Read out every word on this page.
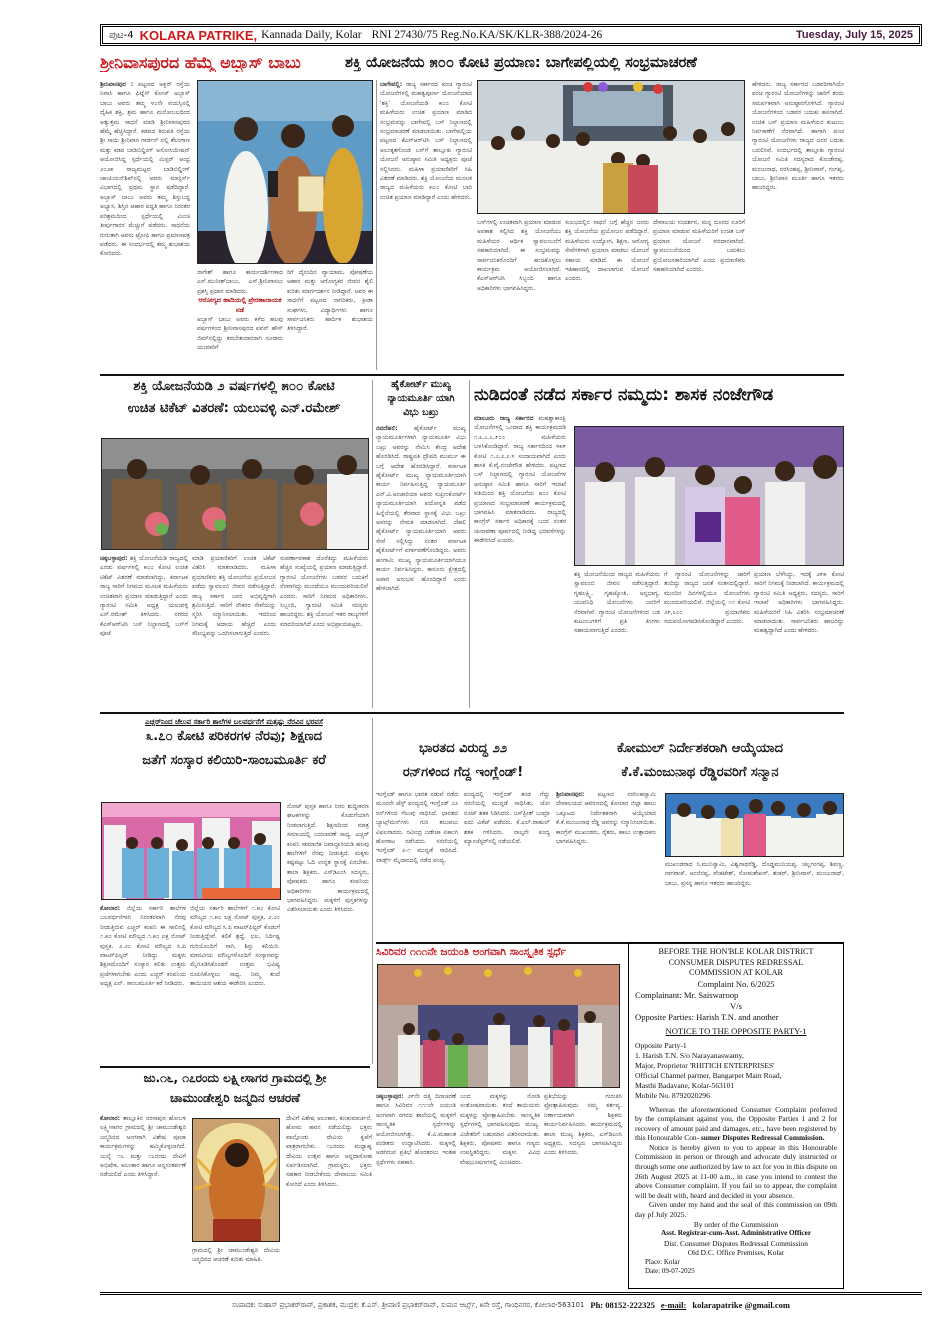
ಪುಟ-4 KOLARA PATRIKE, Kannada Daily, Kolar RNI 27430/75 Reg.No.KA/SK/KLR-388/2024-26	Tuesday, July 15, 2025
ಶ್ರೀನಿವಾಸಪುರದ ಹೆಮ್ಮೆ ಅಬ್ಬಾಸ್ ಬಾಬು	ಶಕ್ತಿ ಯೋಜನೆಯ ೫೦೦ ಕೋಟಿ ಪ್ರಯಾಣ: ಬಾಗೇಪಲ್ಲಿಯಲ್ಲಿ ಸಂಭ್ರಮಾಚರಣೆ
ಶ್ರೀನಿವಾಸಪುರ : ಪಟ್ಟಣದ ಅಕ್ಬರ್ ರಸ್ತೆಯ ನಿವಾಸಿ ಹಾಗೂ ಫಿಟ್ನೆಸ್ ಕೋಚ್ ಅಬ್ಬಾಸ್ ಬಾಬು ಅವರು ತಮ್ಮ ೪೦ನೇ ವಯಸ್ಸಿನಲ್ಲಿ ದೈಹಿಕ ಶಕ್ತಿ, ಶ್ರಮ ಹಾಗೂ ಮನೋಬಲದಿಂದ ಅತ್ಯುತ್ತಮ ಸಾಧನೆ ಮಾಡಿ ಶ್ರೀನಿವಾಸಪುರದ ಹೆಮ್ಮೆ ಹೆಚ್ಚಿಸಿದ್ದಾರೆ. ಕಡಪದ ತಿರುಪತಿ ರಸ್ತೆಯ ಶ್ರೀ ಸಾಯಿ ಶ್ರೀನಿವಾಸ ಗಾರ್ಡನ್ ನಲ್ಲಿ ತೆಲಂಗಾಣ ಮತ್ತು ಕಡಪ ಬಾಡಿಬಿಲ್ಡಿಂಗ್ ಅಸೋಸಿಯೇಷನ್ ಆಯೋಜಿಸಿದ್ದ ಸ್ಪರ್ಧೆಯಲ್ಲಿ ಮಿಸ್ಟರ್ ಆಂಧ್ರ ೨೦೨೫ ರಾಜ್ಯಮಟ್ಟದ ಬಾಡಿಬಿಲ್ಡಿಂಗ್ ಚಾಂಪಿಯನ್‌ಶಿಪ್‌ನಲ್ಲಿ ಅವರು ಮಾಸ್ಟರ್ಸ್ ವಿಭಾಗದಲ್ಲಿ ಪ್ರಥಮ ಸ್ಥಾನ ಪಡೆದಿದ್ದಾರೆ. ಅಬ್ಬಾಸ್ ಬಾಬು ಅವರು ತಮ್ಮ ಶಿಸ್ತುಬದ್ಧ ಅಭ್ಯಾಸ, ಶಿಸ್ತಿನ ಆಹಾರ ಪದ್ಧತಿ ಹಾಗೂ ನಿರಂತರ ಪರಿಶ್ರಮದಿಂದ ಸ್ಪರ್ಧೆಯಲ್ಲಿ ಮಿಂಚಿ ತೀರ್ಪುಗಾರರ ಮೆಚ್ಚುಗೆ ಪಡೆದರು. ಸಾಧನೆಯ ಗುರುತಾಗಿ ಅವರು ಟ್ರೋಫಿ ಹಾಗೂ ಪ್ರಮಾಣಪತ್ರ ಪಡೆದರು. ಈ ಸಂದರ್ಭದಲ್ಲಿ ತಮ್ಮ ಶುಭಾಶಯ ಕೋರಿದರು.
ನಾಗೇಶ್ ಹಾಗೂ ಕಾರ್ಯದರ್ಶಿಗಳಾದ ಎಸ್.ಮುನೀಶ್‌ಬಾಬು, ಎಸ್.ಶ್ರೀನಿವಾಸಲು ಪ್ರಶಸ್ತಿ ಪ್ರದಾನ ಮಾಡಿದರು.
ಆರೋಗ್ಯದ ಹಾದಿಯಲ್ಲಿ ಪ್ರೇರಣಾದಾಯಕ ನಡೆ
ಅಬ್ಬಾಸ್ ಬಾಬು ಅವರು ಕಳೆದ ಹಲವು ವರ್ಷಗಳಿಂದ ಶ್ರೀನಿವಾಸಪುರದ ಪವನ್ ಹೌಸ್ ಜಿಮ್‌ನಲ್ಲಿದ್ದು ತರಬೇತುದಾರರಾಗಿ ನೂರಾರು ಯುವಕರಿಗೆ
ರಿಗೆ ದೈನಂದಿನ ವ್ಯಾಯಾಮ, ಪೋಷಣೆಯ ಆಹಾರ ಮತ್ತು ಆರೋಗ್ಯಕರ ಜೀವನ ಶೈಲಿ ಕುರಿತು ಮಾರ್ಗದರ್ಶನ ನೀಡಿದ್ದಾರೆ. ಅವರ ಈ ಸಾಧನೆಗೆ ಪಟ್ಟಣದ ನಾಗರಿಕರು, ಕ್ರೀಡಾ ಸಂಘಗಳು, ವಿದ್ಯಾರ್ಥಿಗಳು ಹಾಗೂ ಸಾರ್ವಜನಿಕರು ಹಾರ್ದಿಕ ಶುಭಾಶಯ ತಿಳಿಸಿದ್ದಾರೆ.
ಬಾಗೇಪಲ್ಲಿ: ರಾಜ್ಯ ಸರ್ಕಾರದ ಪಂಚ ಗ್ಯಾರಂಟಿ ಯೋಜನೆಗಳಲ್ಲಿ ಮಹತ್ವಪೂರ್ಣ ಯೋಜನೆಯಾದ 'ಶಕ್ತಿ' ಯೋಜನೆಯಡಿ ೫೦೦ ಕೋಟಿ ಮಹಿಳೆಯರು ಉಚಿತ ಪ್ರಯಾಣ ಮಾಡಿದ ಸಂಭ್ರಮವನ್ನು ಬಾಗೇಪಲ್ಲಿ ಬಸ್ ನಿಲ್ದಾಣದಲ್ಲಿ ಸಂಭ್ರಮಾಚರಣೆ ಮಾಡಲಾಯಿತು. ಬಾಗೇಪಲ್ಲಿಯ ಪಟ್ಟಣದ ಕೆಎಸ್‌ಆರ್‌ಟಿಸಿ ಬಸ್ ನಿಲ್ದಾಣದಲ್ಲಿ ಅಲಂಕೃತಗೊಂಡ ಬಸ್‌ಗೆ ತಾಲ್ಲೂಕು ಗ್ಯಾರಂಟಿ ಯೋಜನೆ ಅನುಷ್ಠಾನ ಸಮಿತಿ ಅಧ್ಯಕ್ಷರು ಪೂಜೆ ಸಲ್ಲಿಸಿದರು. ಮಹಿಳಾ ಪ್ರಯಾಣಿಕರಿಗೆ ಸಿಹಿ ವಿತರಣೆ ಮಾಡಿದರು. ಶಕ್ತಿ ಯೋಜನೆಯ ಮೂಲಕ ರಾಜ್ಯದ ಮಹಿಳೆಯರು ೫೦೦ ಕೋಟಿ ಬಾರಿ ಉಚಿತ ಪ್ರಯಾಣ ಮಾಡಿದ್ದಾರೆ ಎಂದು ಹೇಳಿದರು.
ಬಸ್‌ಗಳಲ್ಲಿ ಉಚಿತವಾಗಿ ಪ್ರಯಾಣ ಮಾಡುವ ಅವಕಾಶ ಕಲ್ಪಿಸಿದ ಶಕ್ತಿ ಯೋಜನೆಯು ಮಹಿಳೆಯರ ಆರ್ಥಿಕ ಸ್ವಾವಲಂಬನೆಗೆ ಸಹಕಾರಿಯಾಗಿದೆ. ಈ ಸಂಭ್ರಮವನ್ನು ಸಾರ್ವಜನಿಕರೊಂದಿಗೆ ಹಂಚಿಕೊಳ್ಳಲು ಕಾರ್ಯಕ್ರಮ ಆಯೋಜಿಸಲಾಗಿದೆ. ಕೆಎಸ್‌ಆರ್‌ಟಿಸಿ ಸಿಬ್ಬಂದಿ ಹಾಗೂ ಅಧಿಕಾರಿಗಳು ಭಾಗವಹಿಸಿದ್ದರು.
ಸುಲಭದಲ್ಲಿನ ಸಾಧನೆ ಬಗ್ಗೆ ಹೆಚ್ಚಿನ ಜನರು ಶಕ್ತಿ ಯೋಜನೆಯ ಪ್ರಯೋಜನ ಪಡೆದಿದ್ದಾರೆ. ಮಹಿಳೆಯರು ಉದ್ಯೋಗ, ಶಿಕ್ಷಣ, ಆರೋಗ್ಯ ಸೇವೆಗಳಿಗಾಗಿ ಪ್ರಯಾಣ ಮಾಡಲು ಯೋಜನೆ ಸಹಾಯ ಮಾಡಿದೆ. ಈ ಯೋಜನೆ ಇತಿಹಾಸದಲ್ಲಿ ದಾಖಲಾಗುವ ಯೋಜನೆ ಎಂದರು.
ದೇವಾಲಯ ಸಂದರ್ಶನ, ಮನ್ನ ದೂರದ ಊರಿಗೆ ಪ್ರಯಾಣ ಮಾಡುವ ಮಹಿಳೆಯರಿಗೆ ಉಚಿತ ಬಸ್ ಪ್ರಯಾಣ ಯೋಜನೆ ವರದಾನವಾಗಿದೆ. ಸ್ವಾವಲಂಬನೆಯಿಂದ ಬದುಕಲು ಪ್ರಯೋಜನಕಾರಿಯಾಗಿದೆ ಎಂದು ಪ್ರಯಾಣಿಕರು ಸಹಕಾರಿಯಾಗಿದೆ ಎಂದರು.
ಹೇಳಿದರು. ರಾಜ್ಯ ಸರ್ಕಾರದ ಬಡವರಿಗಾಗಿಯೇ ಪಂಚ ಗ್ಯಾರಂಟಿ ಯೋಜನೆಗಳನ್ನು ಜಾರಿಗೆ ತಂದು ಸಮರ್ಪಕವಾಗಿ ಅನುಷ್ಠಾನಗೊಳಿಸಿದೆ. ಗ್ಯಾರಂಟಿ ಯೋಜನೆಗಳಿಂದ ಬಡವರ ಬದುಕು ಹಸನಾಗಿದೆ. ಉಚಿತ ಬಸ್ ಪ್ರಯಾಣ ಮಹಿಳೆಯರ ಕುಟುಂಬ ನಿರ್ವಹಣೆಗೆ ನೆರವಾಗಿದೆ. ಹಾಗಾಗಿ ಪಂಚ ಗ್ಯಾರಂಟಿ ಯೋಜನೆಗಳು ರಾಜ್ಯದ ಜನರ ಬದುಕು ಬದಲಿಸಿವೆ. ಸಂದರ್ಭದಲ್ಲಿ ತಾಲ್ಲೂಕು ಗ್ಯಾರಂಟಿ ಯೋಜನೆ ಸಮಿತಿ ಸದಸ್ಯರಾದ ಕೊಂಡೇರಪ್ಪ, ಮಂಜುನಾಥ, ನರಸಿಂಹಪ್ಪ, ಶ್ರೀನಿವಾಸ್, ಗಂಗಪ್ಪ, ಬಾಬು, ಶ್ರೀನಿವಾಸ ಮೂರ್ತಿ ಹಾಗೂ ಇತರರು ಹಾಜರಿದ್ದರು.
ಶಕ್ತಿ ಯೋಜನೆಯಡಿ ೨ ವರ್ಷಗಳಲ್ಲಿ ೫೦೦ ಕೋಟಿ
ಉಚಿತ ಟಿಕೆಟ್ ವಿತರಣೆ: ಯಲುವಳ್ಳಿ ಎನ್.ರಮೇಶ್
ಚಿಕ್ಕಬಳ್ಳಾಪುರ: ಶಕ್ತಿ ಯೋಜನೆಯಡಿ ರಾಜ್ಯದಲ್ಲಿ ಎರಡು ವರ್ಷಗಳಲ್ಲಿ ೫೦೦ ಕೋಟಿ ಉಚಿತ ಟಿಕೆಟ್ ವಿತರಣೆ ಮಾಡಲಾಗಿದ್ದು, ಕರ್ನಾಟಕ ರಾಜ್ಯ ಸಾರಿಗೆ ನಿಗಮದ ಮೂಲಕ ಮಹಿಳೆಯರು ಉಚಿತವಾಗಿ ಪ್ರಯಾಣ ಮಾಡುತ್ತಿದ್ದಾರೆ ಎಂದು ಗ್ಯಾರಂಟಿ ಸಮಿತಿ ಅಧ್ಯಕ್ಷ ಯಲುವಳ್ಳಿ ಎನ್.ರಮೇಶ್ ತಿಳಿಸಿದರು. ನಗರದ ಕೆಎಸ್‌ಆರ್‌ಟಿಸಿ ಬಸ್ ನಿಲ್ದಾಣದಲ್ಲಿ ಬಸ್‌ಗೆ ಪೂಜೆ
ಮಾಡಿ ಪ್ರಯಾಣಿಕರಿಗೆ ಉಚಿತ ಟಿಕೆಟ್ ವಿತರಿಸಿ ಮಾತನಾಡಿದರು. ಮಹಿಳಾ ಪ್ರಯಾಣಿಕರು ಶಕ್ತಿ ಯೋಜನೆಯ ಪ್ರಯೋಜನ ಪಡೆದು ಸ್ವಾವಲಂಬಿ ಜೀವನ ನಡೆಸುತ್ತಿದ್ದಾರೆ. ರಾಜ್ಯ ಸರ್ಕಾರ ಜನರ ಅಭಿವೃದ್ಧಿಗಾಗಿ ಶ್ರಮಿಸುತ್ತಿದೆ. ಸಾರಿಗೆ ನೌಕರರ ಸೇವೆಯನ್ನು ಸ್ಮರಿಸಿ ಸನ್ಮಾನಿಸಲಾಯಿತು. ಇದರಿಂದ ನಿಗಮಕ್ಕೆ ಆದಾಯ ಹೆಚ್ಚಿದೆ ಎಂದು ಸೌಲಭ್ಯವನ್ನು ಒದಗಿಸಲಾಗುತ್ತಿದೆ ಎಂದರು.
ಸುವರ್ಣಾವಕಾಶ ದೊರೆತಿದ್ದು ಮಹಿಳೆಯರು ಹೆಚ್ಚಿನ ಸಂಖ್ಯೆಯಲ್ಲಿ ಪ್ರಯಾಣ ಮಾಡುತ್ತಿದ್ದಾರೆ. ಗ್ಯಾರಂಟಿ ಯೋಜನೆಗಳು ಬಡವರ ಬದುಕಿಗೆ ನೆರವಾಗಿದ್ದು ಮುಂದೆಯೂ ಮುಂದುವರಿಯಲಿವೆ ಎಂದರು. ಸಾರಿಗೆ ನಿಗಮದ ಅಧಿಕಾರಿಗಳು, ಸಿಬ್ಬಂದಿ, ಗ್ಯಾರಂಟಿ ಸಮಿತಿ ಸದಸ್ಯರು ಹಾಜರಿದ್ದರು. ಶಕ್ತಿ ಯೋಜನೆ ಇತರ ರಾಜ್ಯಗಳಿಗೆ ಮಾದರಿಯಾಗಿದೆ ಎಂದು ಅಭಿಪ್ರಾಯಪಟ್ಟರು.
ಹೈಕೋರ್ಟ್ ಮುಖ್ಯ
ನ್ಯಾಯಮೂರ್ತಿ ಯಾಗಿ
ವಿಭು ಬಖ್ರು
ನವದೆಹಲಿ: ಹೈಕೋರ್ಟ್ ಮುಖ್ಯ ನ್ಯಾಯಮೂರ್ತಿಗಳಾಗಿ ನ್ಯಾಯಮೂರ್ತಿ ವಿಭು ಬಖ್ರು ಅವರನ್ನು ನೇಮಿಸಿ ಕೇಂದ್ರ ಆದೇಶ ಹೊರಡಿಸಿದೆ. ರಾಷ್ಟ್ರಪತಿ ದ್ರೌಪದಿ ಮುರ್ಮು ಈ ಬಗ್ಗೆ ಆದೇಶ ಹೊರಡಿಸಿದ್ದಾರೆ. ಕರ್ನಾಟಕ ಹೈಕೋರ್ಟ್ ಮುಖ್ಯ ನ್ಯಾಯಮೂರ್ತಿಯಾಗಿ ಕಾರ್ಯ ನಿರ್ವಹಿಸುತ್ತಿದ್ದ ನ್ಯಾಯಮೂರ್ತಿ ಎನ್.ವಿ.ಅಂಜಾರಿಯಾ ಅವರು ಸುಪ್ರೀಂಕೋರ್ಟ್ ನ್ಯಾಯಮೂರ್ತಿಯಾಗಿ ಪದೋನ್ನತಿ ಪಡೆದ ಹಿನ್ನೆಲೆಯಲ್ಲಿ ತೆರವಾದ ಸ್ಥಾನಕ್ಕೆ ವಿಭು ಬಖ್ರು ಅವರನ್ನು ನೇಮಕ ಮಾಡಲಾಗಿದೆ. ದೆಹಲಿ ಹೈಕೋರ್ಟ್ ನ್ಯಾಯಮೂರ್ತಿಯಾಗಿ ಅವರು ಸೇವೆ ಸಲ್ಲಿಸಿದ್ದು ನಂತರ ಕರ್ನಾಟಕ ಹೈಕೋರ್ಟ್‌ಗೆ ವರ್ಗಾವಣೆಗೊಂಡಿದ್ದರು. ಅವರು ಹಂಗಾಮಿ ಮುಖ್ಯ ನ್ಯಾಯಮೂರ್ತಿಯಾಗಿಯೂ ಕಾರ್ಯ ನಿರ್ವಹಿಸಿದ್ದರು. ಕಾನೂನು ಕ್ಷೇತ್ರದಲ್ಲಿ ಅಪಾರ ಅನುಭವ ಹೊಂದಿದ್ದಾರೆ ಎಂದು ಹೇಳಲಾಗಿದೆ.
ನುಡಿದಂತೆ ನಡೆದ ಸರ್ಕಾರ ನಮ್ಮದು: ಶಾಸಕ ನಂಜೇಗೌಡ
ಮಾಲೂರು ರಾಜ್ಯ ಸರ್ಕಾರದ ಮಹತ್ವಾಕಾಂಕ್ಷಿ ಯೋಜನೆಗಳಲ್ಲಿ ಒಂದಾದ ಶಕ್ತಿ ಕಾರ್ಯಕ್ರಮದಡಿ ೧.೩.೭.೬,೯೦೦ ಮಹಿಳೆಯರು ಬಳಸಿಕೊಂಡಿದ್ದಾರೆ. ರಾಜ್ಯ ಸರ್ಕಾರದಿಂದ ೪೫೯ ಕೋಟಿ ೧.೨.೨.೨.೪ ಸಂದಾಯವಾಗಿದೆ ಎಂದು ಶಾಸಕ ಕೆ.ವೈ.ನಂಜೇಗೌಡ ಹೇಳಿದರು. ಪಟ್ಟಣದ ಬಸ್ ನಿಲ್ದಾಣದಲ್ಲಿ ಗ್ಯಾರಂಟಿ ಯೋಜನೆಗಳ ಅನುಷ್ಠಾನ ಸಮಿತಿ ಹಾಗೂ ಸಾರಿಗೆ ಇಲಾಖೆ ವತಿಯಿಂದ ಶಕ್ತಿ ಯೋಜನೆಯ ೫೦೦ ಕೋಟಿ ಪ್ರಯಾಣದ ಸಂಭ್ರಮಾಚರಣೆ ಕಾರ್ಯಕ್ರಮದಲ್ಲಿ ಭಾಗವಹಿಸಿ ಮಾತನಾಡಿದರು. ರಾಜ್ಯದಲ್ಲಿ ಕಾಂಗ್ರೆಸ್ ಸರ್ಕಾರ ಅಧಿಕಾರಕ್ಕೆ ಬಂದ ನಂತರ ಚುನಾವಣಾ ಪೂರ್ವದಲ್ಲಿ ನೀಡಿದ್ದ ಭರವಸೆಗಳನ್ನು ಈಡೇರಿಸಿದೆ ಎಂದರು.
ಶಕ್ತಿ ಯೋಜನೆಯಿಂದ ರಾಜ್ಯದ ಮಹಿಳೆಯರು ಸ್ವಾವಲಂಬಿ ಜೀವನ ನಡೆಸುತ್ತಿದ್ದಾರೆ. ಗೃಹಲಕ್ಷ್ಮಿ, ಗೃಹಜ್ಯೋತಿ, ಅನ್ನಭಾಗ್ಯ, ಯುವನಿಧಿ ಯೋಜನೆಗಳು ಜನರಿಗೆ ನೆರವಾಗಿವೆ. ಗ್ಯಾರಂಟಿ ಯೋಜನೆಗಳಿಂದ ಬಡ ಕುಟುಂಬಗಳಿಗೆ ಪ್ರತಿ ತಿಂಗಳು ಸಹಾಯವಾಗುತ್ತಿದೆ ಎಂದರು.
ಗೆ ಗ್ಯಾರಂಟಿ ಯೋಜನೆಗಳನ್ನು ಜಾರಿಗೆ ತಂದಿದ್ದು ರಾಜ್ಯದ ಜನತೆ ಸಂತಸದಲ್ಲಿದ್ದಾರೆ. ಮುಂದಿನ ದಿನಗಳಲ್ಲಿಯೂ ಯೋಜನೆಗಳು ಮುಂದುವರಿಯಲಿವೆ. ಜಿಲ್ಲೆಯಲ್ಲಿ ೧೧ ಕೋಟಿ ೨೯,೬೦೦ ಪ್ರಯಾಣಿಕರು ಸದುಪಯೋಗಪಡಿಸಿಕೊಂಡಿದ್ದಾರೆ ಎಂದರು.
ಪ್ರಯಾಣ ಬೆಳೆಸಿದ್ದು, ಇದಕ್ಕೆ ೨೯೫ ಕೋಟಿ ಸಾರಿಗೆ ನಿಗಮಕ್ಕೆ ನೀಡಲಾಗಿದೆ. ಕಾರ್ಯಕ್ರಮದಲ್ಲಿ ಗ್ಯಾರಂಟಿ ಸಮಿತಿ ಅಧ್ಯಕ್ಷರು, ಸದಸ್ಯರು, ಸಾರಿಗೆ ಇಲಾಖೆ ಅಧಿಕಾರಿಗಳು ಭಾಗವಹಿಸಿದ್ದರು. ಮಹಿಳೆಯರಿಗೆ ಸಿಹಿ ವಿತರಿಸಿ ಸಂಭ್ರಮಾಚರಣೆ ಮಾಡಲಾಯಿತು. ಸಾರ್ವಜನಿಕರು ಹಾಜರಿದ್ದು ಮಹತ್ವದ್ದಾಗಿದೆ ಎಂದು ಹೇಳಿದರು.
ಎಚ್ಚರ್‌ನಿಂದ ಚೆಲುವ ಸರ್ಕಾರಿ ಶಾಲೆಗಳ ಬಲವರ್ಧನೆಗೆ ಮತ್ತಷ್ಟು ನೆರವಿನ ಭರವಸೆ
೩.೭೦ ಕೋಟಿ ಪರಿಕರಗಳ ನೆರವು; ಶಿಕ್ಷಣದ
ಜತೆಗೆ ಸಂಸ್ಕಾರ ಕಲಿಯಿರಿ-ಸಾಂಬಮೂರ್ತಿ ಕರೆ
ಕೋಲಾರ: ಜಿಲ್ಲೆಯ ಸರ್ಕಾರಿ ಶಾಲೆಗಳ ಬಲವರ್ಧನೆಗಾಗಿ ನಿರಂತರವಾಗಿ ನೆರವು ನೀಡುತ್ತಿರುವ ಎಚ್ಚರ್ ಕಂಪನಿ ಈ ಸಾಲಿನಲ್ಲಿ ೧.೫೦ ಕೋಟಿ ಮೌಲ್ಯದ ೧.೫೦ ಲಕ್ಷ ನೋಟ್ ಪುಸ್ತಕ, ೨.೨೦ ಕೋಟಿ ಮೌಲ್ಯದ ಸಿ.ಪಿ ವಾಟರ್‌ಫಿಲ್ಟರ್ ನೀಡಿದ್ದು ಮಕ್ಕಳು ಶಿಕ್ಷಣದೊಂದಿಗೆ ಸಂಸ್ಕಾರ ಕಲಿತು ಉತ್ತಮ ಪ್ರಜೆಗಳಾಗಬೇಕು ಎಂದು ಎಚ್ಚರ್ ಕಂಪನಿಯ ಅಧ್ಯಕ್ಷ ಎನ್. ಸಾಂಬಮೂರ್ತಿ ಕರೆ ನೀಡಿದರು.
ಜಿಲ್ಲೆಯ ಸರ್ಕಾರಿ ಶಾಲೆಗಳಿಗೆ ೧.೫೦ ಕೋಟಿ ಮೌಲ್ಯದ ೧.೫೦ ಲಕ್ಷ ನೋಟ್ ಪುಸ್ತಕ, ೨.೨೦ ಕೋಟಿ ಮೌಲ್ಯದ ಸಿ.ಪಿ ವಾಟರ್‌ಫಿಲ್ಟರ್ ಕೊಡುಗೆ ನೀಡುತ್ತಿದ್ದೇವೆ. ಕಲಿಕೆ ಶ್ರದ್ಧೆ, ಛಲ, ನಿರ್ದಿಷ್ಟ ಗುರಿಯೊಂದಿಗೆ ಸಾಗಿ, ಶಿಸ್ತು ಕಲಿಯಿರಿ. ಮಾನವೀಯ ಮೌಲ್ಯಗಳೊಂದಿಗೆ ಸಂಸ್ಕಾರವನ್ನು ಮೈಗೂಡಿಸಿಕೊಂಡರೆ ಉತ್ತಮ ಭವಿಷ್ಯ ರೂಪಿಸಿಕೊಳ್ಳಲು ಸಾಧ್ಯ. ನಿಮ್ಮ ತಂದೆ ತಾಯಿಯರ ಆಶಯ ಈಡೇರಿಸಿ ಎಂದರು.
ನೋಟ್ ಪುಸ್ತಕ ಹಾಗೂ ನೀರು ಶುದ್ಧೀಕರಣ ಘಟಕಗಳನ್ನು ಕೊಡುಗೆಯಾಗಿ ನೀಡಲಾಗುತ್ತಿದೆ. ಶಿಕ್ಷಣದಿಂದ ಮಾತ್ರ ಸಮಾಜದಲ್ಲಿ ಬದಲಾವಣೆ ಸಾಧ್ಯ. ಎಚ್ಚರ್ ಕಂಪನಿ ಸಾಮಾಜಿಕ ಜವಾಬ್ದಾರಿಯಡಿ ಹಲವು ಶಾಲೆಗಳಿಗೆ ನೆರವು ನೀಡುತ್ತಿದೆ. ಮಕ್ಕಳು ಕಷ್ಟಪಟ್ಟು ಓದಿ ಉನ್ನತ ಸ್ಥಾನಕ್ಕೆ ಏರಬೇಕು. ಶಾಲಾ ಶಿಕ್ಷಕರು, ಎಸ್‌ಡಿಎಂಸಿ ಸದಸ್ಯರು, ಪೋಷಕರು ಹಾಗೂ ಕಂಪನಿಯ ಅಧಿಕಾರಿಗಳು ಕಾರ್ಯಕ್ರಮದಲ್ಲಿ ಭಾಗವಹಿಸಿದ್ದರು. ಮಕ್ಕಳಿಗೆ ಪುಸ್ತಕಗಳನ್ನು ವಿತರಿಸಲಾಯಿತು ಎಂದು ತಿಳಿಸಿದರು.
ಭಾರತದ ವಿರುದ್ಧ ೨೨
ರನ್‌ಗಳಿಂದ ಗೆದ್ದ ಇಂಗ್ಲೆಂಡ್!
ಇಂಗ್ಲೆಂಡ್ ಹಾಗೂ ಭಾರತ ನಡುವೆ ನಡೆದ ಮೂರನೇ ಟೆಸ್ಟ್ ಪಂದ್ಯದಲ್ಲಿ ಇಂಗ್ಲೆಂಡ್ ೨೨ ರನ್‌ಗಳಿಂದ ಗೆಲುವು ಸಾಧಿಸಿದೆ. ಭಾರತದ ಬ್ಯಾಟ್ಸ್‌ಮನ್‌ಗಳು ಗುರಿ ತಲುಪಲು ವಿಫಲರಾದರು. ರವೀಂದ್ರ ಜಡೇಜಾ ಏಕಾಂಗಿ ಹೋರಾಟ ನಡೆಸಿದರು. ಸರಣಿಯಲ್ಲಿ ಇಂಗ್ಲೆಂಡ್ ೨-೧ ಮುನ್ನಡೆ ಸಾಧಿಸಿದೆ. ಲಾರ್ಡ್ಸ್ ಮೈದಾನದಲ್ಲಿ ನಡೆದ ಪಂದ್ಯ.
ಪಂದ್ಯದಲ್ಲಿ ಇಂಗ್ಲೆಂಡ್ ತಂಡ ಗೆದ್ದು ಸರಣಿಯಲ್ಲಿ ಮುನ್ನಡೆ ಸಾಧಿಸಿತು. ಜೋ ರೂಟ್ ಶತಕ ಸಿಡಿಸಿದರು. ಜಸ್‌ಪ್ರೀತ್ ಬುಮ್ರಾ ಐದು ವಿಕೆಟ್ ಪಡೆದರು. ಕೆ.ಎಲ್.ರಾಹುಲ್ ಶತಕ ಗಳಿಸಿದರು. ನಾಲ್ಕನೇ ಪಂದ್ಯ ಮ್ಯಾಂಚೆಸ್ಟರ್‌ನಲ್ಲಿ ನಡೆಯಲಿದೆ.
ಕೋಮುಲ್ ನಿರ್ದೇಶಕರಾಗಿ ಆಯ್ಕೆಯಾದ
ಕೆ.ಕೆ.ಮಂಜುನಾಥ ರೆಡ್ಡಿರವರಿಗೆ ಸನ್ಮಾನ
ಶ್ರೀನಿವಾಸಪುರ: ಪಟ್ಟಣದ ನರಸಿಂಹಸ್ವಾಮಿ ದೇವಾಲಯದ ಆವರಣದಲ್ಲಿ ಕೋಲಾರ ಜಿಲ್ಲಾ ಹಾಲು ಒಕ್ಕೂಟದ ನಿರ್ದೇಶಕರಾಗಿ ಆಯ್ಕೆಯಾದ ಕೆ.ಕೆ.ಮಂಜುನಾಥ ರೆಡ್ಡಿ ಅವರನ್ನು ಸನ್ಮಾನಿಸಲಾಯಿತು. ಕಾಂಗ್ರೆಸ್ ಮುಖಂಡರು, ರೈತರು, ಹಾಲು ಉತ್ಪಾದಕರು ಭಾಗವಹಿಸಿದ್ದರು.
ಮುಖಂಡರಾದ ಸಿ.ಮುನಿಸ್ವಾಮಿ, ವಿಶ್ವನಾಥರೆಡ್ಡಿ, ದೊಡ್ಡಮುನಿಯಪ್ಪ, ಚಲ್ಲಗಂಗಪ್ಪ, ಶಿವಣ್ಣ, ನಾಗರಾಜ್, ಆಂಜಿನಪ್ಪ, ವೆಂಕಟೇಶ್, ಸೋಮಶೇಖರ್, ಶಂಕರ್, ಶ್ರೀನಿವಾಸ್, ಮಂಜುನಾಥ್, ಬಾಬು, ಪ್ರಸನ್ನ ಹಾಗೂ ಇತರರು ಹಾಜರಿದ್ದರು.
ಸಿವಿರಿವರ ೧೧೧ನೇ ಜಯಂತಿ ಅಂಗವಾಗಿ ಸಾಂಸ್ಕೃತಿಕ ಸ್ಪರ್ಧೆ
ಚಿಕ್ಕಬಳ್ಳಾಪುರ: ೨೯ನೇ ದತ್ತಿ ದಿನಾಚರಣೆ ಹಾಗೂ ಸಿವಿರಿವರ ೧೧೧ನೇ ಜಯಂತಿ ಅಂಗವಾಗಿ ನಗರದ ಶಾಲೆಯಲ್ಲಿ ಮಕ್ಕಳಿಗೆ ಸಾಂಸ್ಕೃತಿಕ ಸ್ಪರ್ಧೆಗಳನ್ನು ಆಯೋಜಿಸಲಾಗಿತ್ತು. ಕೆ.ವಿ.ಮಹಾಂತ ಪಂಡಿತರು ಉದ್ಘಾಟಿಸಿದರು. ಮಕ್ಕಳಲ್ಲಿ ಅಡಗಿರುವ ಪ್ರತಿಭೆ ಹೊರತರಲು ಇಂತಹ ಸ್ಪರ್ಧೆಗಳು ಸಹಕಾರಿ.
ಬಂದ ಮಕ್ಕಳನ್ನು ನೋಡಿ ಸಂತೋಷವಾಯಿತು. ತಂದೆ ತಾಯಿಯರು ಮಕ್ಕಳನ್ನು ಪ್ರೋತ್ಸಾಹಿಸಬೇಕು. ಸಾಂಸ್ಕೃತಿಕ ಸ್ಪರ್ಧೆಗಳಲ್ಲಿ ಭಾಗವಹಿಸುವುದು ಮುಖ್ಯ. ವಿಜೇತರಿಗೆ ಬಹುಮಾನ ವಿತರಿಸಲಾಯಿತು. ಶಿಕ್ಷಕರು, ಪೋಷಕರು ಹಾಗೂ ಗಣ್ಯರು ಉಪಸ್ಥಿತರಿದ್ದರು. ಮಕ್ಕಳು ವಿವಿಧ ವೇಷಭೂಷಣಗಳಲ್ಲಿ ಮಿಂಚಿದರು.
ಪ್ರತಿಭೆಯನ್ನು ಗುರುತಿಸಿ ಪ್ರೋತ್ಸಾಹಿಸುವುದು ನಮ್ಮ ಕರ್ತವ್ಯ. ನಿರ್ಣಾಯಕರಾಗಿ ಶಿಕ್ಷಕರು ಕಾರ್ಯನಿರ್ವಹಿಸಿದರು. ಕಾರ್ಯಕ್ರಮದಲ್ಲಿ ಶಾಲಾ ಮುಖ್ಯ ಶಿಕ್ಷಕರು, ಎಸ್‌ಡಿಎಂಸಿ ಅಧ್ಯಕ್ಷರು, ಸದಸ್ಯರು ಭಾಗವಹಿಸಿದ್ದರು ಎಂದು ತಿಳಿಸಿದರು.
BEFORE THE HON'BLE KOLAR DISTRICT
CONSUMER DISPUTES REDRESSAL
COMMISSION AT KOLAR
Complaint No. 6/2025
Complainant: Mr. Saiswaroop
V/s
Opposite Parties: Harish T.N. and another
NOTICE TO THE OPPOSITE PARTY-1
Opposite Party-1
1. Harish T.N. S/o Narayanaswamy,
Major, Proprietor 'RHITICH ENTERPRISES'
Official Channel partner, Bangarpet Main Road,
Masthi Badavane, Kolar-563101
Mobile No. 8792020296
Whereas the aforementioned Consumer Complaint preferred by the complainant against you, the Opposite Parties 1 and 2 for recovery of amount paid and damages, etc., have been registered by this Honourable Con- sumer Disputes Redressal Commission.
Notice is hereby given to you to appear in this Honourable Commission in person or through and advocate duly instructed or through some one authorized by law to act for you in this dispute on 26th August 2025 at 11-00 a.m., in case you intend to contest the above Consumer complaint. If you fail so to appear, the complaint will be dealt with, heard and decided in your absence.
Given under my hand and the seal of this commission on 09th day pf July 2025.
By order of the Commission
Asst. Registrar-cum-Asst. Administrative Officer
Dist. Consumer Disputes Redressal Commission
Old D.C. Office Premises, Kolar
Place: Kolar
Date: 09-07-2025
ಜು.೧೬, ೧೭ರಂದು ಲಕ್ಷ್ಮೀಸಾಗರ ಗ್ರಾಮದಲ್ಲಿ ಶ್ರೀ
ಚಾಮುಂಡೇಶ್ವರಿ ಜನ್ಮದಿನ ಆಚರಣೆ
ಕೋಲಾರ: ತಾಲ್ಲೂಕಿನ ನರಸಾಪುರ ಹೋಬಳಿ ಲಕ್ಷ್ಮೀಸಾಗರ ಗ್ರಾಮದಲ್ಲಿ ಶ್ರೀ ಚಾಮುಂಡೇಶ್ವರಿ ಜನ್ಮದಿನದ ಅಂಗವಾಗಿ ವಿಶೇಷ ಪೂಜಾ ಕಾರ್ಯಕ್ರಮಗಳನ್ನು ಹಮ್ಮಿಕೊಳ್ಳಲಾಗಿದೆ. ಜುಲೈ ೧೬ ಮತ್ತು ೧೭ರಂದು ದೇವಿಗೆ ಅಭಿಷೇಕ, ಅಲಂಕಾರ ಹಾಗೂ ಅನ್ನಸಂತರ್ಪಣೆ ನಡೆಯಲಿದೆ ಎಂದು ತಿಳಿಸಿದ್ದಾರೆ.
ಗ್ರಾಮದಲ್ಲಿ ಶ್ರೀ ಚಾಮುಂಡೇಶ್ವರಿ ದೇವಿಯ ಜನ್ಮದಿನದ ಆಚರಣೆ ಕುರಿತು ಮಾಹಿತಿ.
ದೇವಿಗೆ ವಿಶೇಷ ಅಲಂಕಾರ, ಕುಂಕುಮಾರ್ಚನೆ, ಹೋಮ ಹವನ ನಡೆಯಲಿದ್ದು ಭಕ್ತರು ಪಾಲ್ಗೊಂಡು ದೇವಿಯ ಕೃಪೆಗೆ ಪಾತ್ರರಾಗಬೇಕು. ೧೭ರಂದು ಮಧ್ಯಾಹ್ನ ದೇವಿಯ ಉತ್ಸವ ಹಾಗೂ ಅನ್ನದಾಸೋಹ ಏರ್ಪಡಿಸಲಾಗಿದೆ. ಗ್ರಾಮಸ್ಥರು, ಭಕ್ತರು ಸಹಕಾರ ನೀಡಬೇಕೆಂದು ದೇವಾಲಯ ಸಮಿತಿ ಕೋರಿದೆ ಎಂದು ತಿಳಿಸಿದರು.
ಸಂಪಾದಕ: ಸುಹಾಸ್ ಪ್ರಭಾಕರ್‌ರಾವ್, ಪ್ರಕಾಶಕ, ಮುದ್ರಕ: ಕೆ.ಎಸ್. ಶ್ರೀವಾಣಿ ಪ್ರಭಾಕರ್‌ರಾವ್, ಸುಮನ ಆರ್ಟ್ಸ್, ೫ನೇ ರಸ್ತೆ, ಗಾಂಧಿನಗರ, ಕೋಲಾರ-563101 Ph: 08152-222325 e-mail: kolarapatrike @gmail.com
